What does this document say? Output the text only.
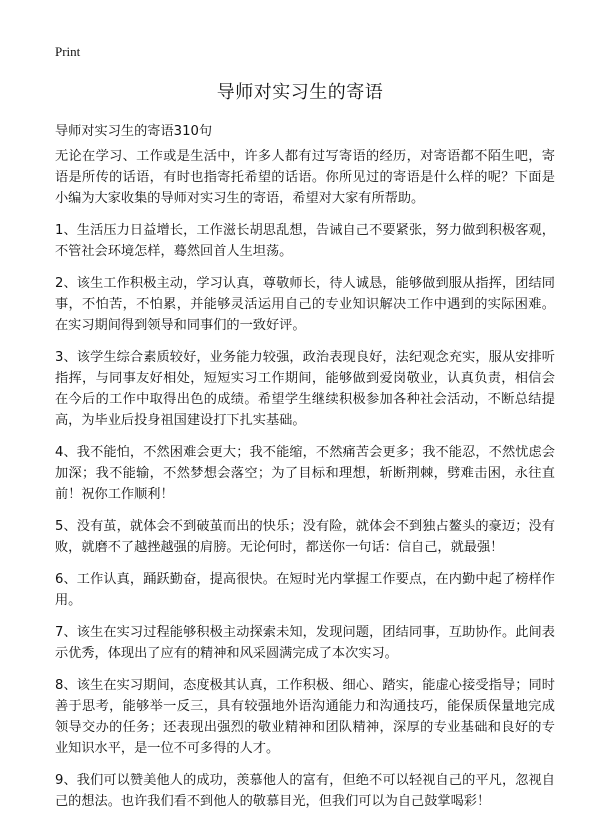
Print
导师对实习生的寄语

导师对实习生的寄语310句

无论在学习、工作或是生活中，许多人都有过写寄语的经历，对寄语都不陌生吧，寄语是所传的话语，有时也指寄托希望的话语。你所见过的寄语是什么样的呢？下面是小编为大家收集的导师对实习生的寄语，希望对大家有所帮助。

1、生活压力日益增长，工作滋长胡思乱想，告诫自己不要紧张，努力做到积极客观，不管社会环境怎样，蓦然回首人生坦荡。

2、该生工作积极主动，学习认真，尊敬师长，待人诚恳，能够做到服从指挥，团结同事，不怕苦，不怕累，并能够灵活运用自己的专业知识解决工作中遇到的实际困难。在实习期间得到领导和同事们的一致好评。

3、该学生综合素质较好，业务能力较强，政治表现良好，法纪观念充实，服从安排听指挥，与同事友好相处，短短实习工作期间，能够做到爱岗敬业，认真负责，相信会在今后的工作中取得出色的成绩。希望学生继续积极参加各种社会活动，不断总结提高，为毕业后投身祖国建设打下扎实基础。

4、我不能怕，不然困难会更大；我不能缩，不然痛苦会更多；我不能忍，不然忧虑会加深；我不能输，不然梦想会落空；为了目标和理想，斩断荆棘，劈难击困，永往直前！祝你工作顺利！

5、没有茧，就体会不到破茧而出的快乐；没有险，就体会不到独占鳌头的豪迈；没有败，就磨不了越挫越强的肩膀。无论何时，都送你一句话：信自己，就最强！

6、工作认真，踊跃勤奋，提高很快。在短时光内掌握工作要点，在内勤中起了榜样作用。

7、该生在实习过程能够积极主动探索未知，发现问题，团结同事，互助协作。此间表示优秀，体现出了应有的精神和风采圆满完成了本次实习。

8、该生在实习期间，态度极其认真，工作积极、细心、踏实，能虚心接受指导；同时善于思考，能够举一反三，具有较强地外语沟通能力和沟通技巧，能保质保量地完成领导交办的任务；还表现出强烈的敬业精神和团队精神，深厚的专业基础和良好的专业知识水平，是一位不可多得的人才。

9、我们可以赞美他人的成功，羡慕他人的富有，但绝不可以轻视自己的平凡，忽视自己的想法。也许我们看不到他人的敬慕目光，但我们可以为自己鼓掌喝彩！
